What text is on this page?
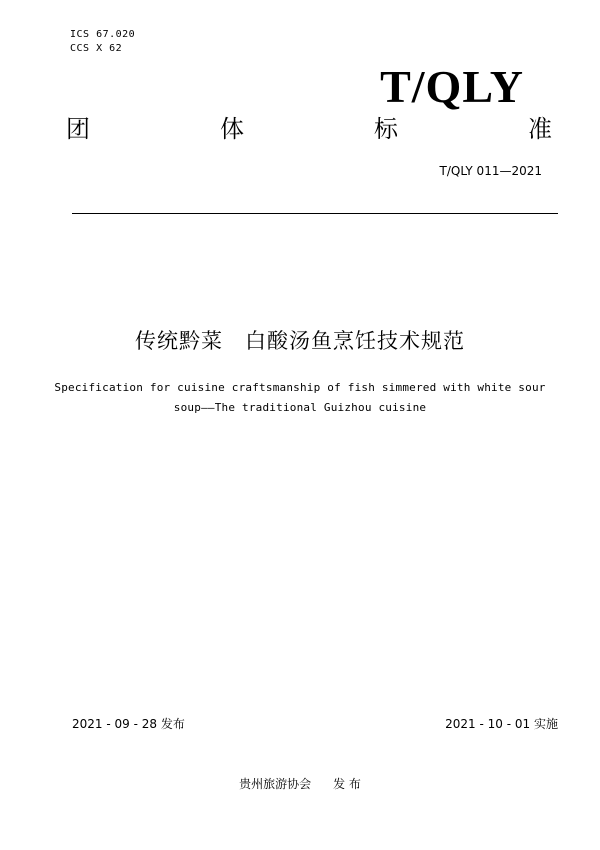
ICS 67.020
CCS X 62
T/QLY
团	体	标	准
T/QLY 011—2021
传统黔菜 白酸汤鱼烹饪技术规范
Specification for cuisine craftsmanship of fish simmered with white sour
soup——The traditional Guizhou cuisine
2021 - 09 - 28 发布	2021 - 10 - 01 实施
贵州旅游协会 发 布
